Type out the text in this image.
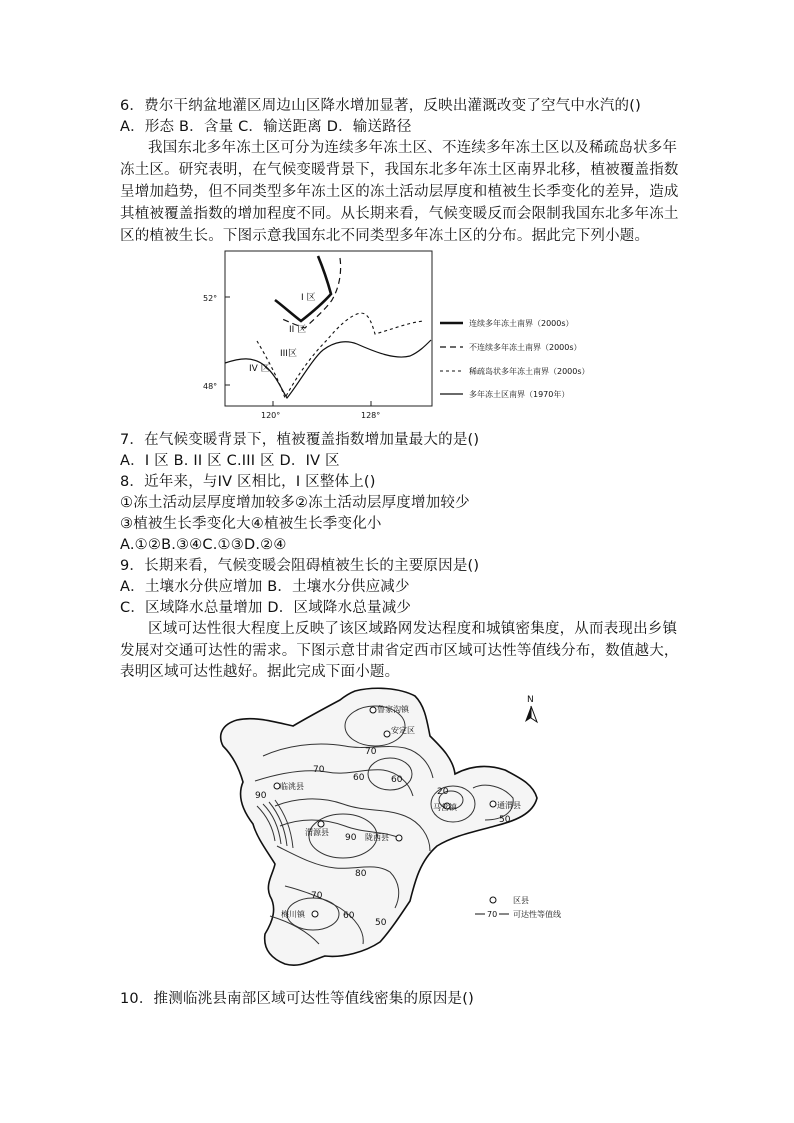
6．费尔干纳盆地灌区周边山区降水增加显著，反映出灌溉改变了空气中水汽的()
A．形态 B．含量 C．输送距离 D．输送路径
我国东北多年冻土区可分为连续多年冻土区、不连续多年冻土区以及稀疏岛状多年
冻土区。研究表明，在气候变暖背景下，我国东北多年冻土区南界北移，植被覆盖指数
呈增加趋势，但不同类型多年冻土区的冻土活动层厚度和植被生长季变化的差异，造成
其植被覆盖指数的增加程度不同。从长期来看，气候变暖反而会限制我国东北多年冻土
区的植被生长。下图示意我国东北不同类型多年冻土区的分布。据此完下列小题。
52°
48°
120°	128°
I 区
II 区
III区
IV 区
连续多年冻土南界（2000s）
不连续多年冻土南界（2000s）
稀疏岛状多年冻土南界（2000s）
多年冻土区南界（1970年）
7．在气候变暖背景下，植被覆盖指数增加量最大的是()
A．I 区 B. II 区 C.III 区 D．IV 区
8．近年来，与IV 区相比，I 区整体上()
①冻土活动层厚度增加较多②冻土活动层厚度增加较少
③植被生长季变化大④植被生长季变化小
A.①②B.③④C.①③D.②④
9．长期来看，气候变暖会阻碍植被生长的主要原因是()
A．土壤水分供应增加 B．土壤水分供应减少
C．区域降水总量增加 D．区域降水总量减少
区域可达性很大程度上反映了该区域路网发达程度和城镇密集度，从而表现出乡镇
发展对交通可达性的需求。下图示意甘肃省定西市区域可达性等值线分布，数值越大，
表明区域可达性越好。据此完成下面小题。
鲁家沟镇
安定区
临洮县
渭源县
陇西县
马营镇	通渭县
梅川镇
70
70
60	60
90
90
80
70
60
50
20
50
N
区县
70 可达性等值线
10．推测临洮县南部区域可达性等值线密集的原因是()
